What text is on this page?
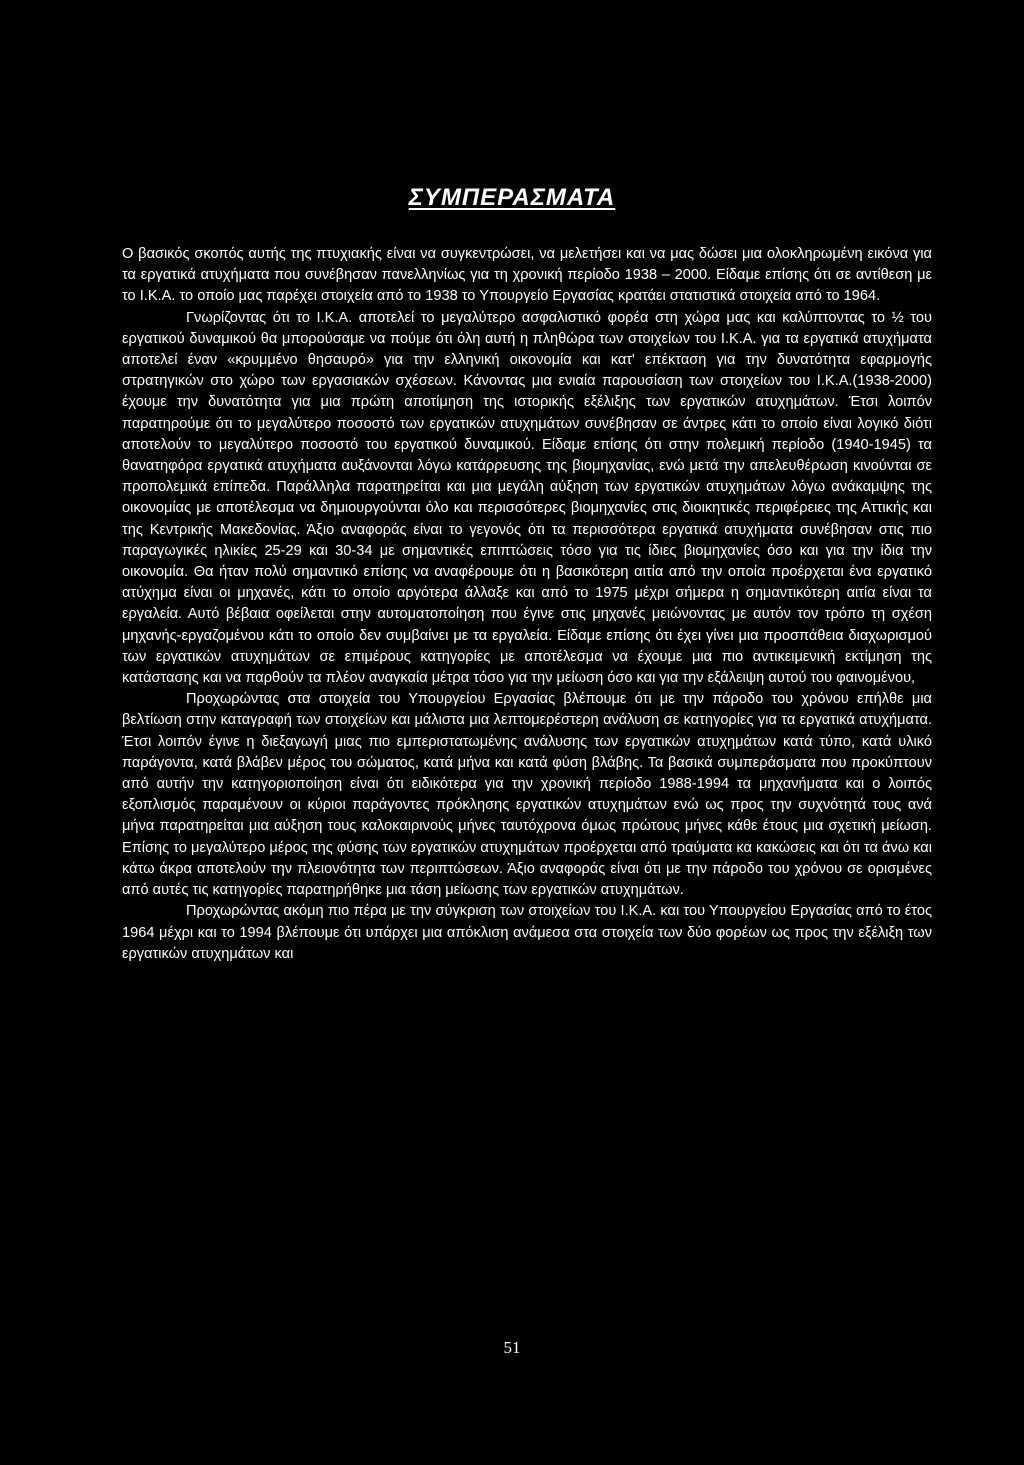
ΣΥΜΠΕΡΑΣΜΑΤΑ

Ο βασικός σκοπός αυτής της πτυχιακής είναι να συγκεντρώσει, να μελετήσει και να μας δώσει μια ολοκληρωμένη εικόνα για τα εργατικά ατυχήματα που συνέβησαν πανελληνίως για τη χρονική περίοδο 1938 – 2000. Είδαμε επίσης ότι σε αντίθεση με το Ι.Κ.Α. το οποίο μας παρέχει στοιχεία από το 1938 το Υπουργείο Εργασίας κρατάει στατιστικά στοιχεία από το 1964.

Γνωρίζοντας ότι το Ι.Κ.Α. αποτελεί το μεγαλύτερο ασφαλιστικό φορέα στη χώρα μας και καλύπτοντας το ½ του εργατικού δυναμικού θα μπορούσαμε να πούμε ότι όλη αυτή η πληθώρα των στοιχείων του Ι.Κ.Α. για τα εργατικά ατυχήματα αποτελεί έναν «κρυμμένο θησαυρό» για την ελληνική οικονομία και κατ' επέκταση για την δυνατότητα εφαρμογής στρατηγικών στο χώρο των εργασιακών σχέσεων. Κάνοντας μια ενιαία παρουσίαση των στοιχείων του Ι.Κ.Α.(1938-2000) έχουμε την δυνατότητα για μια πρώτη αποτίμηση της ιστορικής εξέλιξης των εργατικών ατυχημάτων. Έτσι λοιπόν παρατηρούμε ότι το μεγαλύτερο ποσοστό των εργατικών ατυχημάτων συνέβησαν σε άντρες κάτι το οποίο είναι λογικό διότι αποτελούν το μεγαλύτερο ποσοστό του εργατικού δυναμικού. Είδαμε επίσης ότι στην πολεμική περίοδο (1940-1945) τα θανατηφόρα εργατικά ατυχήματα αυξάνονται λόγω κατάρρευσης της βιομηχανίας, ενώ μετά την απελευθέρωση κινούνται σε προπολεμικά επίπεδα. Παράλληλα παρατηρείται και μια μεγάλη αύξηση των εργατικών ατυχημάτων λόγω ανάκαμψης της οικονομίας με αποτέλεσμα να δημιουργούνται όλο και περισσότερες βιομηχανίες στις διοικητικές περιφέρειες της Αττικής και της Κεντρικής Μακεδονίας. Άξιο αναφοράς είναι το γεγονός ότι τα περισσότερα εργατικά ατυχήματα συνέβησαν στις πιο παραγωγικές ηλικίες 25-29 και 30-34 με σημαντικές επιπτώσεις τόσο για τις ίδιες βιομηχανίες όσο και για την ίδια την οικονομία. Θα ήταν πολύ σημαντικό επίσης να αναφέρουμε ότι η βασικότερη αιτία από την οποία προέρχεται ένα εργατικό ατύχημα είναι οι μηχανές, κάτι το οποίο αργότερα άλλαξε και από το 1975 μέχρι σήμερα η σημαντικότερη αιτία είναι τα εργαλεία. Αυτό βέβαια οφείλεται στην αυτοματοποίηση που έγινε στις μηχανές μειώνοντας με αυτόν τον τρόπο τη σχέση μηχανής-εργαζομένου κάτι το οποίο δεν συμβαίνει με τα εργαλεία. Είδαμε επίσης ότι έχει γίνει μια προσπάθεια διαχωρισμού των εργατικών ατυχημάτων σε επιμέρους κατηγορίες με αποτέλεσμα να έχουμε μια πιο αντικειμενική εκτίμηση της κατάστασης και να παρθούν τα πλέον αναγκαία μέτρα τόσο για την μείωση όσο και για την εξάλειψη αυτού του φαινομένου,

Προχωρώντας στα στοιχεία του Υπουργείου Εργασίας βλέπουμε ότι με την πάροδο του χρόνου επήλθε μια βελτίωση στην καταγραφή των στοιχείων και μάλιστα μια λεπτομερέστερη ανάλυση σε κατηγορίες για τα εργατικά ατυχήματα. Έτσι λοιπόν έγινε η διεξαγωγή μιας πιο εμπεριστατωμένης ανάλυσης των εργατικών ατυχημάτων κατά τύπο, κατά υλικό παράγοντα, κατά βλάβεν μέρος του σώματος, κατά μήνα και κατά φύση βλάβης. Τα βασικά συμπεράσματα που προκύπτουν από αυτήν την κατηγοριοποίηση είναι ότι ειδικότερα για την χρονική περίοδο 1988-1994 τα μηχανήματα και ο λοιπός εξοπλισμός παραμένουν οι κύριοι παράγοντες πρόκλησης εργατικών ατυχημάτων ενώ ως προς την συχνότητά τους ανά μήνα παρατηρείται μια αύξηση τους καλοκαιρινούς μήνες ταυτόχρονα όμως πρώτους μήνες κάθε έτους μια σχετική μείωση. Επίσης το μεγαλύτερο μέρος της φύσης των εργατικών ατυχημάτων προέρχεται από τραύματα κα κακώσεις και ότι τα άνω και κάτω άκρα αποτελούν την πλειονότητα των περιπτώσεων. Άξιο αναφοράς είναι ότι με την πάροδο του χρόνου σε ορισμένες από αυτές τις κατηγορίες παρατηρήθηκε μια τάση μείωσης των εργατικών ατυχημάτων.

Προχωρώντας ακόμη πιο πέρα με την σύγκριση των στοιχείων του Ι.Κ.Α. και του Υπουργείου Εργασίας από το έτος 1964 μέχρι και το 1994 βλέπουμε ότι υπάρχει μια απόκλιση ανάμεσα στα στοιχεία των δύο φορέων ως προς την εξέλιξη των εργατικών ατυχημάτων και

51
